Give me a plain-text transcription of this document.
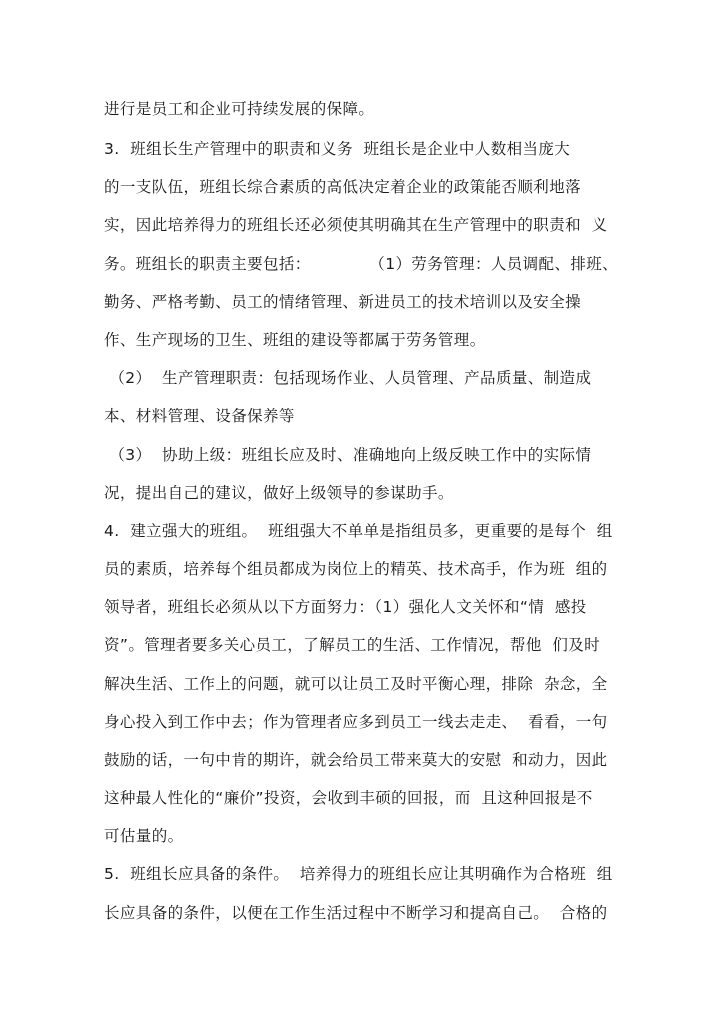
进行是员工和企业可持续发展的保障。
3.  班组长生产管理中的职责和义务  班组长是企业中人数相当庞大
的一支队伍，班组长综合素质的高低决定着企业的政策能否顺利地落
实，因此培养得力的班组长还必须使其明确其在生产管理中的职责和  义
务。班组长的职责主要包括：           （1）劳务管理：人员调配、排班、
勤务、严格考勤、员工的情绪管理、新进员工的技术培训以及安全操
作、生产现场的卫生、班组的建设等都属于劳务管理。
（2）  生产管理职责：包括现场作业、人员管理、产品质量、制造成
本、材料管理、设备保养等
（3）  协助上级：班组长应及时、准确地向上级反映工作中的实际情
况，提出自己的建议，做好上级领导的参谋助手。
4.  建立强大的班组。  班组强大不单单是指组员多，更重要的是每个  组
员的素质，培养每个组员都成为岗位上的精英、技术高手，作为班  组的
领导者，班组长必须从以下方面努力：（1）强化人文关怀和“情  感投
资”。管理者要多关心员工，了解员工的生活、工作情况，帮他  们及时
解决生活、工作上的问题，就可以让员工及时平衡心理，排除  杂念，全
身心投入到工作中去；作为管理者应多到员工一线去走走、  看看，一句
鼓励的话，一句中肯的期许，就会给员工带来莫大的安慰  和动力，因此
这种最人性化的“廉价”投资，会收到丰硕的回报，而  且这种回报是不
可估量的。
5.  班组长应具备的条件。  培养得力的班组长应让其明确作为合格班  组
长应具备的条件，以便在工作生活过程中不断学习和提高自己。  合格的
